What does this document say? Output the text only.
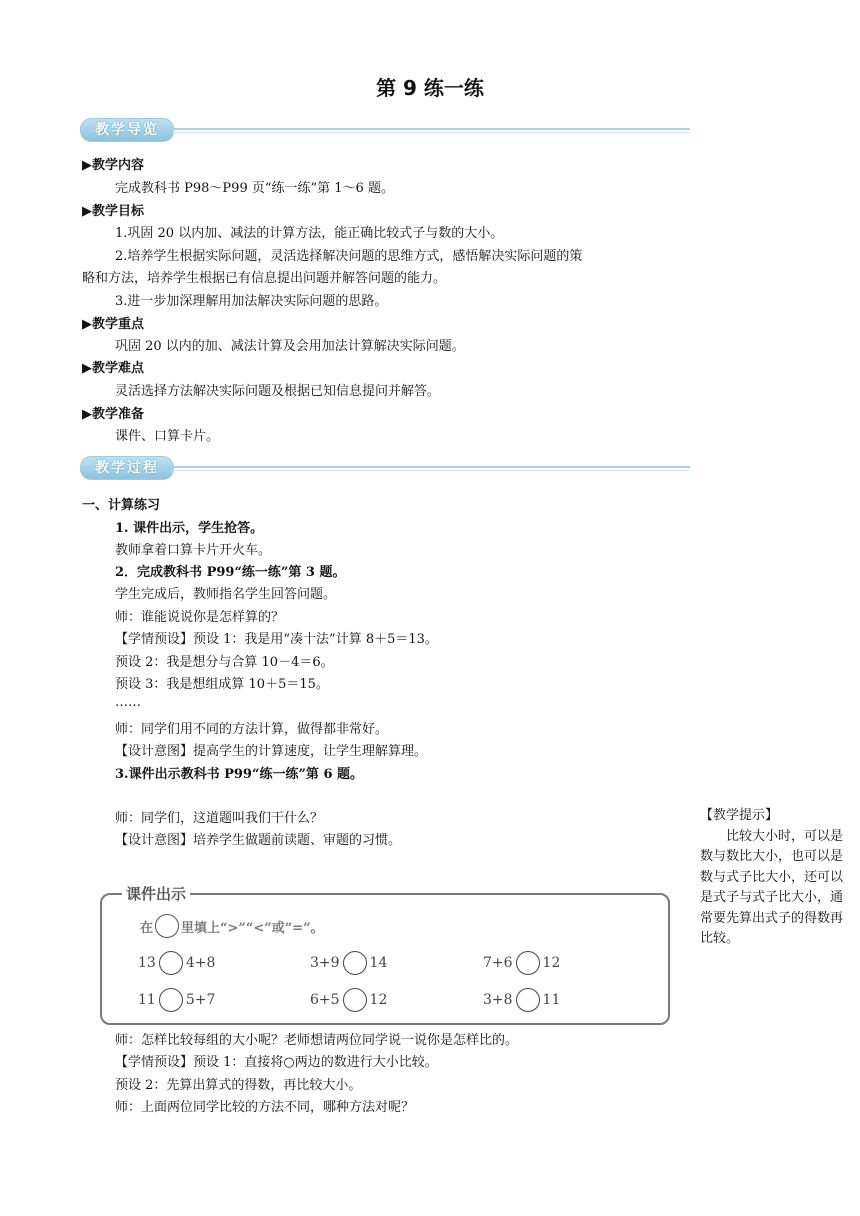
第 9 练一练
教学导览
▶教学内容
完成教科书 P98～P99 页“练一练”第 1～6 题。
▶教学目标
1.巩固 20 以内加、减法的计算方法，能正确比较式子与数的大小。
2.培养学生根据实际问题，灵活选择解决问题的思维方式，感悟解决实际问题的策
略和方法，培养学生根据已有信息提出问题并解答问题的能力。
3.进一步加深理解用加法解决实际问题的思路。
▶教学重点
巩固 20 以内的加、减法计算及会用加法计算解决实际问题。
▶教学难点
灵活选择方法解决实际问题及根据已知信息提问并解答。
▶教学准备
课件、口算卡片。
教学过程
一、计算练习
1. 课件出示，学生抢答。
教师拿着口算卡片开火车。
2．完成教科书 P99“练一练”第 3 题。
学生完成后，教师指名学生回答问题。
师：谁能说说你是怎样算的？
【学情预设】预设 1：我是用“凑十法”计算 8＋5＝13。
预设 2：我是想分与合算 10－4＝6。
预设 3：我是想组成算 10＋5＝15。
……
师：同学们用不同的方法计算，做得都非常好。
【设计意图】提高学生的计算速度，让学生理解算理。
3.课件出示教科书 P99“练一练”第 6 题。
师：同学们，这道题叫我们干什么？
【设计意图】培养学生做题前读题、审题的习惯。
【教学提示】
　　比较大小时，可以是数与数比大小，也可以是数与式子比大小，还可以是式子与式子比大小，通常要先算出式子的得数再比较。
课件出示
在 里填上“>”“<”或“=”。
13 4+8	3+9 14	7+6 12
11 5+7	6+5 12	3+8 11
师：怎样比较每组的大小呢？老师想请两位同学说一说你是怎样比的。
【学情预设】预设 1：直接将○两边的数进行大小比较。
预设 2：先算出算式的得数，再比较大小。
师：上面两位同学比较的方法不同，哪种方法对呢？
